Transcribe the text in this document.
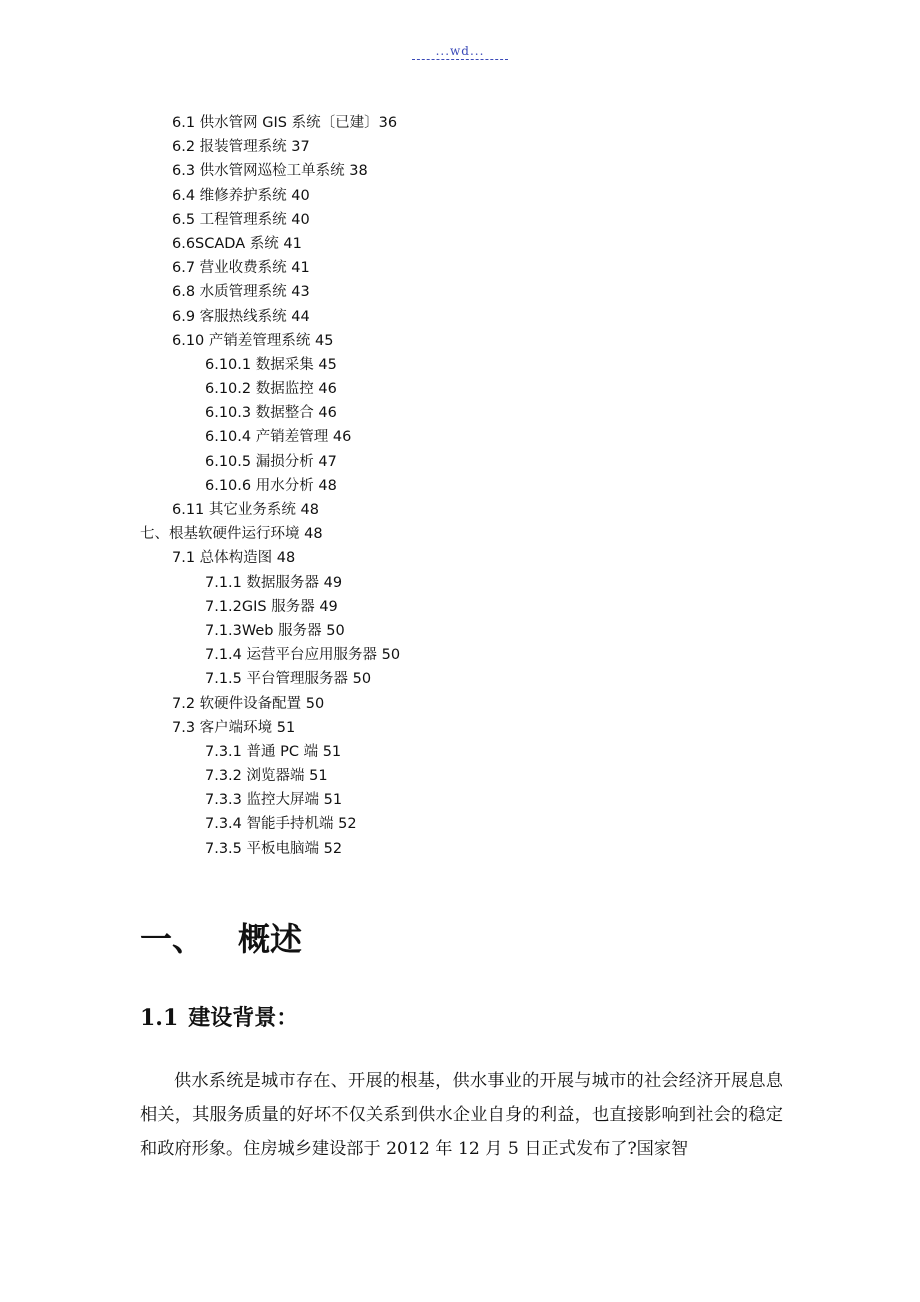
...wd...
6.1 供水管网 GIS 系统〔已建〕36
6.2 报装管理系统 37
6.3 供水管网巡检工单系统 38
6.4 维修养护系统 40
6.5 工程管理系统 40
6.6SCADA 系统 41
6.7 营业收费系统 41
6.8 水质管理系统 43
6.9 客服热线系统 44
6.10 产销差管理系统 45
6.10.1 数据采集 45
6.10.2 数据监控 46
6.10.3 数据整合 46
6.10.4 产销差管理 46
6.10.5 漏损分析 47
6.10.6 用水分析 48
6.11 其它业务系统 48
七、根基软硬件运行环境 48
7.1 总体构造图 48
7.1.1 数据服务器 49
7.1.2GIS 服务器 49
7.1.3Web 服务器 50
7.1.4 运营平台应用服务器 50
7.1.5 平台管理服务器 50
7.2 软硬件设备配置 50
7.3 客户端环境 51
7.3.1 普通 PC 端 51
7.3.2 浏览器端 51
7.3.3 监控大屏端 51
7.3.4 智能手持机端 52
7.3.5 平板电脑端 52
一、 概述
1.1 建设背景：

供水系统是城市存在、开展的根基，供水事业的开展与城市的社会经济开展息息相关，其服务质量的好坏不仅关系到供水企业自身的利益，也直接影响到社会的稳定和政府形象。住房城乡建设部于 2012 年 12 月 5 日正式发布了?国家智
